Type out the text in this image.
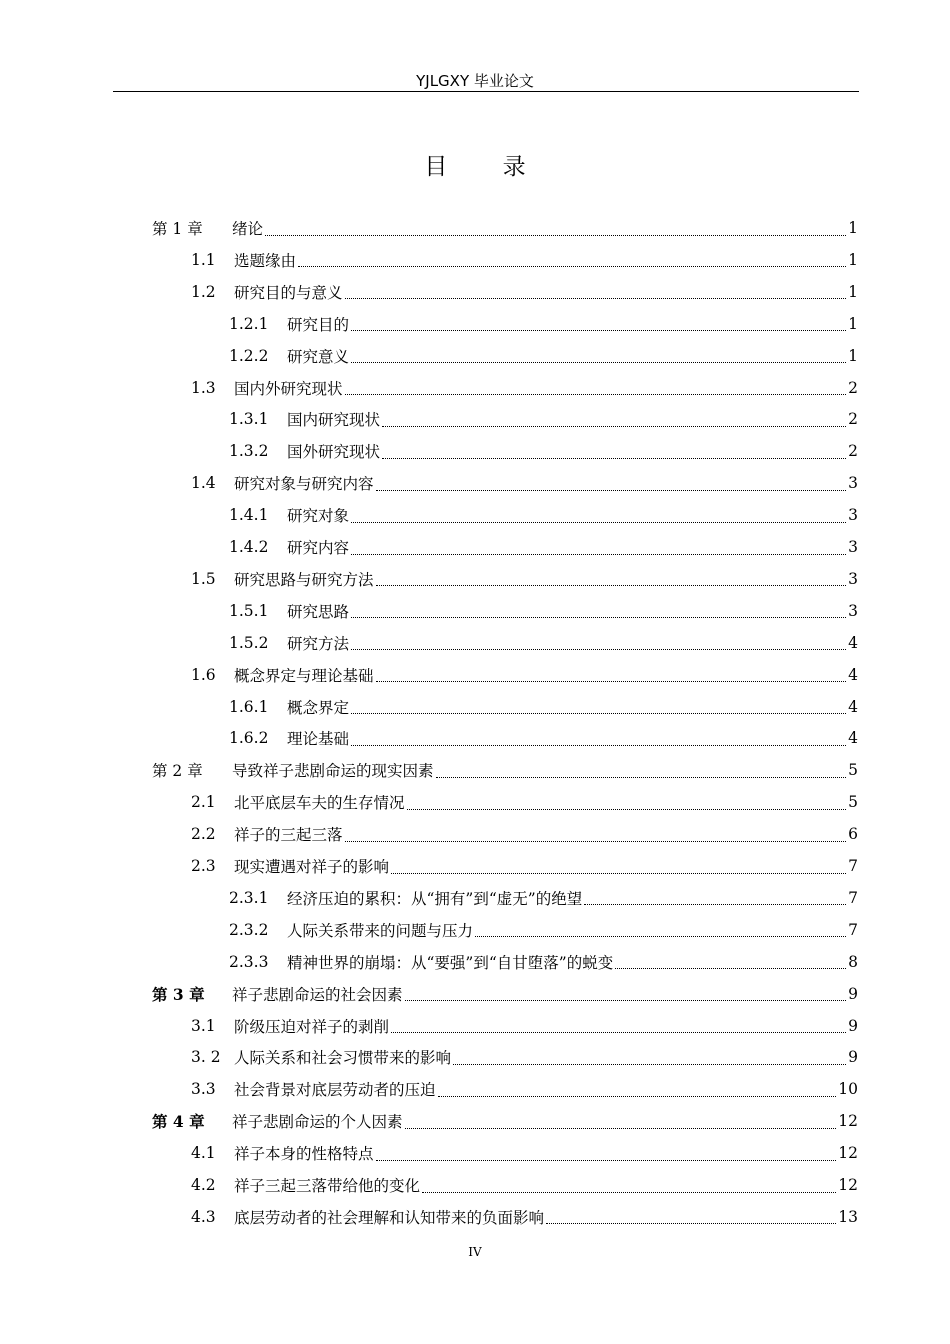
YJLGXY 毕业论文
目 录
第 1 章	绪论	1
1.1	选题缘由	1
1.2	研究目的与意义	1
1.2.1	研究目的	1
1.2.2	研究意义	1
1.3	国内外研究现状	2
1.3.1	国内研究现状	2
1.3.2	国外研究现状	2
1.4	研究对象与研究内容	3
1.4.1	研究对象	3
1.4.2	研究内容	3
1.5	研究思路与研究方法	3
1.5.1	研究思路	3
1.5.2	研究方法	4
1.6	概念界定与理论基础	4
1.6.1	概念界定	4
1.6.2	理论基础	4
第 2 章	导致祥子悲剧命运的现实因素	5
2.1	北平底层车夫的生存情况	5
2.2	祥子的三起三落	6
2.3	现实遭遇对祥子的影响	7
2.3.1	经济压迫的累积：从“拥有”到“虚无”的绝望	7
2.3.2	人际关系带来的问题与压力	7
2.3.3	精神世界的崩塌：从“要强”到“自甘堕落”的蜕变	8
第 3 章	祥子悲剧命运的社会因素	9
3.1	阶级压迫对祥子的剥削	9
3. 2 人际关系和社会习惯带来的影响	9
3.3	社会背景对底层劳动者的压迫	10
第 4 章	祥子悲剧命运的个人因素	12
4.1	祥子本身的性格特点	12
4.2	祥子三起三落带给他的变化	12
4.3	底层劳动者的社会理解和认知带来的负面影响	13
IV
